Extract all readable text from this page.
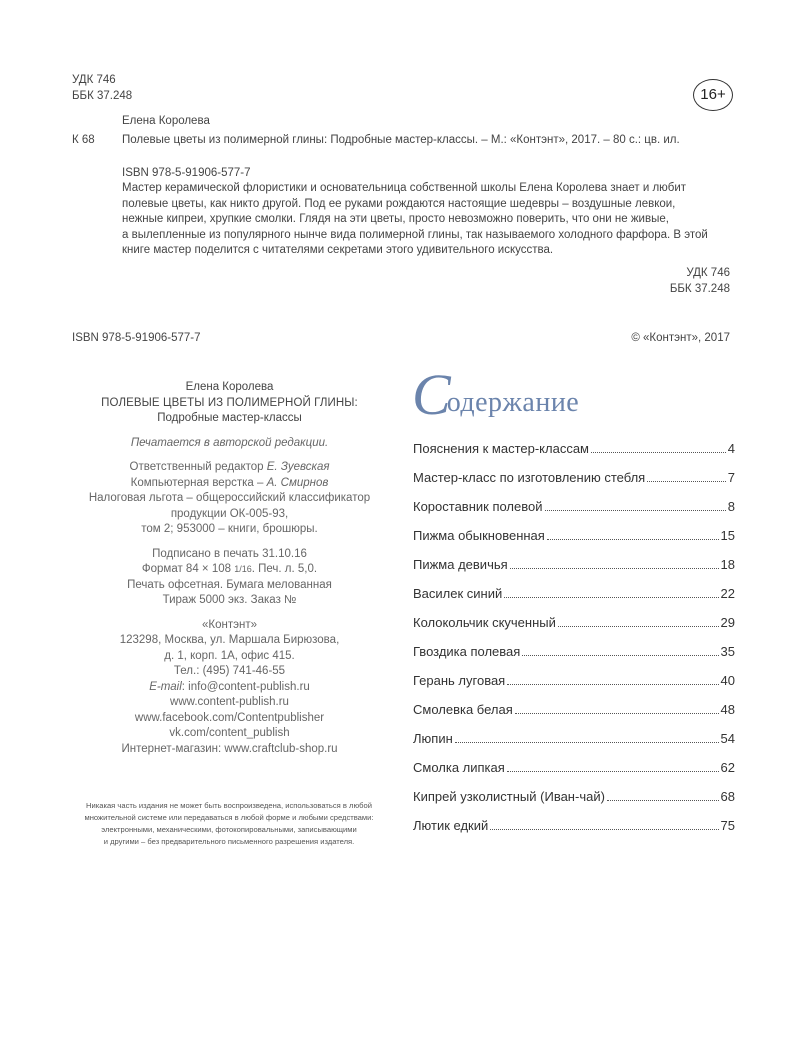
УДК 746
ББК 37.248	16+
Елена Королева
К 68 Полевые цветы из полимерной глины: Подробные мастер-классы. – М.: «Контэнт», 2017. – 80 с.: цв. ил.
ISBN 978-5-91906-577-7
Мастер керамической флористики и основательница собственной школы Елена Королева знает и любит
полевые цветы, как никто другой. Под ее руками рождаются настоящие шедевры – воздушные левкои,
нежные кипреи, хрупкие смолки. Глядя на эти цветы, просто невозможно поверить, что они не живые,
а вылепленные из популярного нынче вида полимерной глины, так называемого холодного фарфора. В этой
книге мастер поделится с читателями секретами этого удивительного искусства.
УДК 746
ББК 37.248
ISBN 978-5-91906-577-7	© «Контэнт», 2017
Елена Королева
ПОЛЕВЫЕ ЦВЕТЫ ИЗ ПОЛИМЕРНОЙ ГЛИНЫ:
Подробные мастер-классы
Печатается в авторской редакции.
Ответственный редактор Е. Зуевская
Компьютерная верстка – А. Смирнов
Налоговая льгота – общероссийский классификатор
продукции ОК-005-93,
том 2; 953000 – книги, брошюры.
Подписано в печать 31.10.16
Формат 84 × 108 1/16. Печ. л. 5,0.
Печать офсетная. Бумага мелованная
Тираж 5000 экз. Заказ №
«Контэнт»
123298, Москва, ул. Маршала Бирюзова,
д. 1, корп. 1А, офис 415.
Тел.: (495) 741-46-55
E-mail: info@content-publish.ru
www.content-publish.ru
www.facebook.com/Contentpublisher
vk.com/content_publish
Интернет-магазин: www.craftclub-shop.ru
Никакая часть издания не может быть воспроизведена, использоваться в любой
множительной системе или передаваться в любой форме и любыми средствами:
электронными, механическими, фотокопировальными, записывающими
и другими – без предварительного письменного разрешения издателя.
Содержание
Пояснения к мастер-классам	4
Мастер-класс по изготовлению стебля	7
Короставник полевой	8
Пижма обыкновенная	15
Пижма девичья	18
Василек синий	22
Колокольчик скученный	29
Гвоздика полевая	35
Герань луговая	40
Смолевка белая	48
Люпин	54
Смолка липкая	62
Кипрей узколистный (Иван-чай)	68
Лютик едкий	75
